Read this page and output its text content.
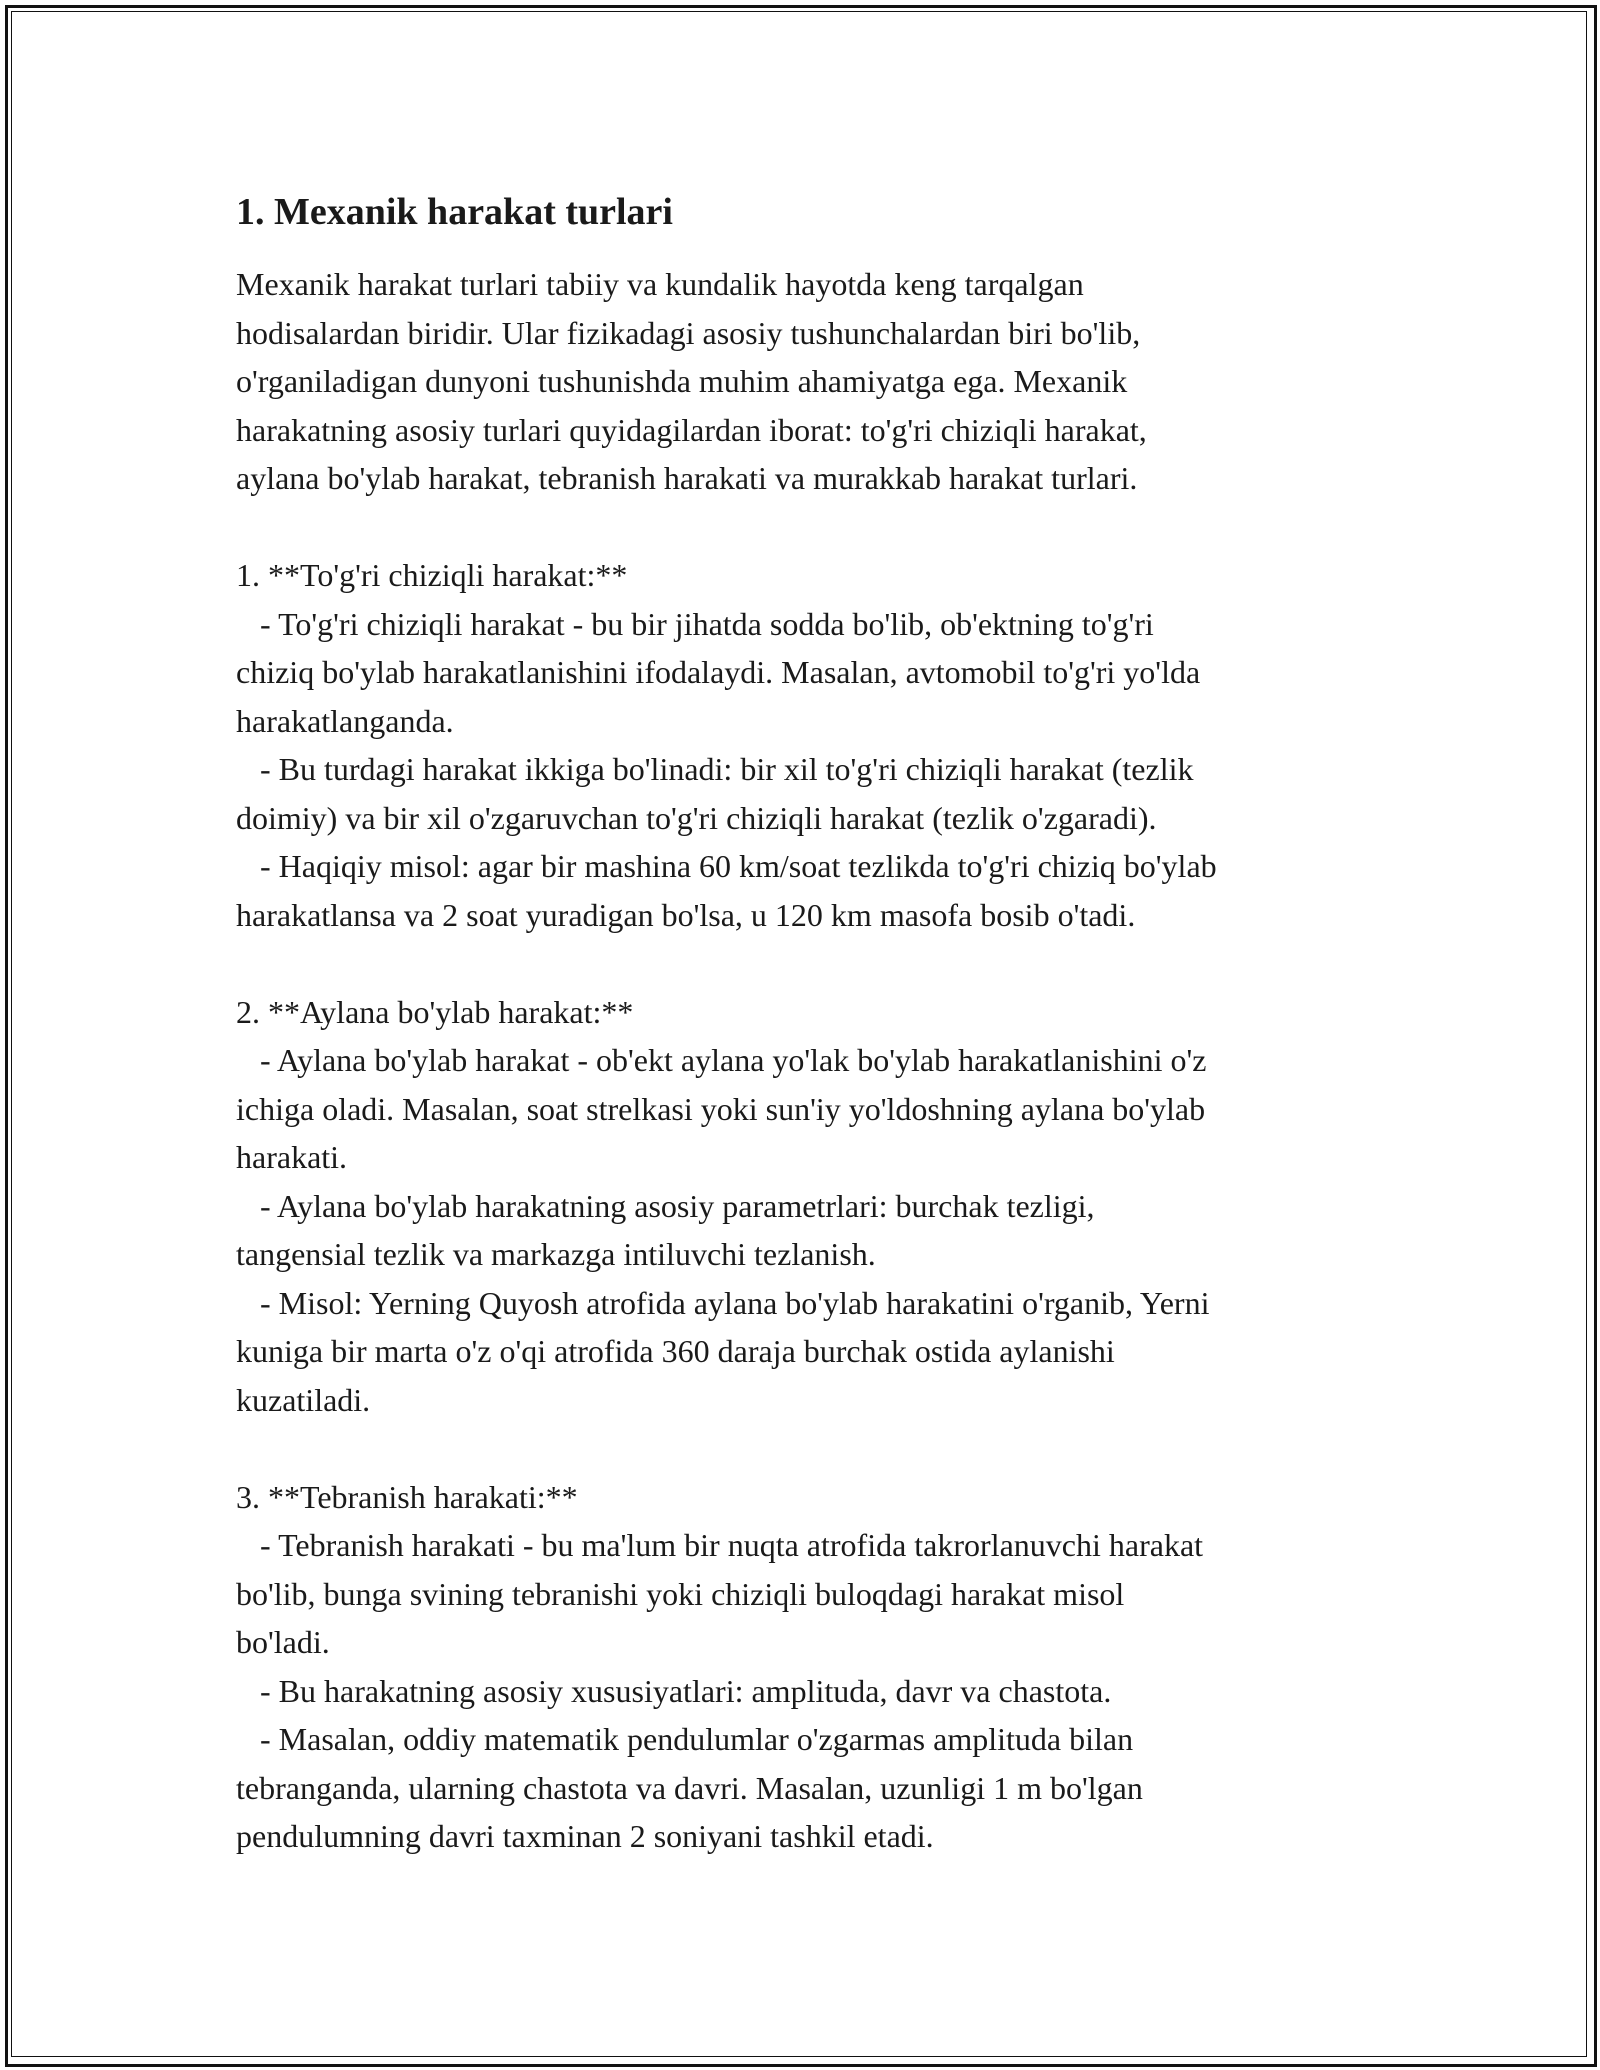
1. Mexanik harakat turlari

Mexanik harakat turlari tabiiy va kundalik hayotda keng tarqalgan
hodisalardan biridir. Ular fizikadagi asosiy tushunchalardan biri bo'lib,
o'rganiladigan dunyoni tushunishda muhim ahamiyatga ega. Mexanik
harakatning asosiy turlari quyidagilardan iborat: to'g'ri chiziqli harakat,
aylana bo'ylab harakat, tebranish harakati va murakkab harakat turlari.

1. **To'g'ri chiziqli harakat:**

- To'g'ri chiziqli harakat - bu bir jihatda sodda bo'lib, ob'ektning to'g'ri
chiziq bo'ylab harakatlanishini ifodalaydi. Masalan, avtomobil to'g'ri yo'lda
harakatlanganda.
- Bu turdagi harakat ikkiga bo'linadi: bir xil to'g'ri chiziqli harakat (tezlik
doimiy) va bir xil o'zgaruvchan to'g'ri chiziqli harakat (tezlik o'zgaradi).
- Haqiqiy misol: agar bir mashina 60 km/soat tezlikda to'g'ri chiziq bo'ylab
harakatlansa va 2 soat yuradigan bo'lsa, u 120 km masofa bosib o'tadi.

2. **Aylana bo'ylab harakat:**

- Aylana bo'ylab harakat - ob'ekt aylana yo'lak bo'ylab harakatlanishini o'z
ichiga oladi. Masalan, soat strelkasi yoki sun'iy yo'ldoshning aylana bo'ylab
harakati.
- Aylana bo'ylab harakatning asosiy parametrlari: burchak tezligi,
tangensial tezlik va markazga intiluvchi tezlanish.
- Misol: Yerning Quyosh atrofida aylana bo'ylab harakatini o'rganib, Yerni
kuniga bir marta o'z o'qi atrofida 360 daraja burchak ostida aylanishi
kuzatiladi.

3. **Tebranish harakati:**

- Tebranish harakati - bu ma'lum bir nuqta atrofida takrorlanuvchi harakat
bo'lib, bunga svining tebranishi yoki chiziqli buloqdagi harakat misol
bo'ladi.
- Bu harakatning asosiy xususiyatlari: amplituda, davr va chastota.
- Masalan, oddiy matematik pendulumlar o'zgarmas amplituda bilan
tebranganda, ularning chastota va davri. Masalan, uzunligi 1 m bo'lgan
pendulumning davri taxminan 2 soniyani tashkil etadi.
